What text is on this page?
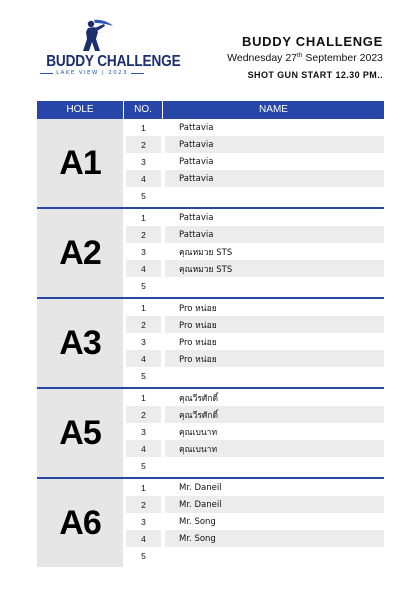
BUDDY CHALLENGE
LAKE VIEW | 2023
BUDDY CHALLENGE
Wednesday 27th September 2023
SHOT GUN START 12.30 PM..
HOLE	NO.	NAME
A1
1	Pattavia
2	Pattavia
3	Pattavia
4	Pattavia
5
A2
1	Pattavia
2	Pattavia
3	คุณหมวย STS
4	คุณหมวย STS
5
A3
1	Pro หน่อย
2	Pro หน่อย
3	Pro หน่อย
4	Pro หน่อย
5
A5
1	คุณวีรศักดิ์
2	คุณวีรศักดิ์
3	คุณเบนาท
4	คุณเบนาท
5
A6
1	Mr. Daneil
2	Mr. Daneil
3	Mr. Song
4	Mr. Song
5
